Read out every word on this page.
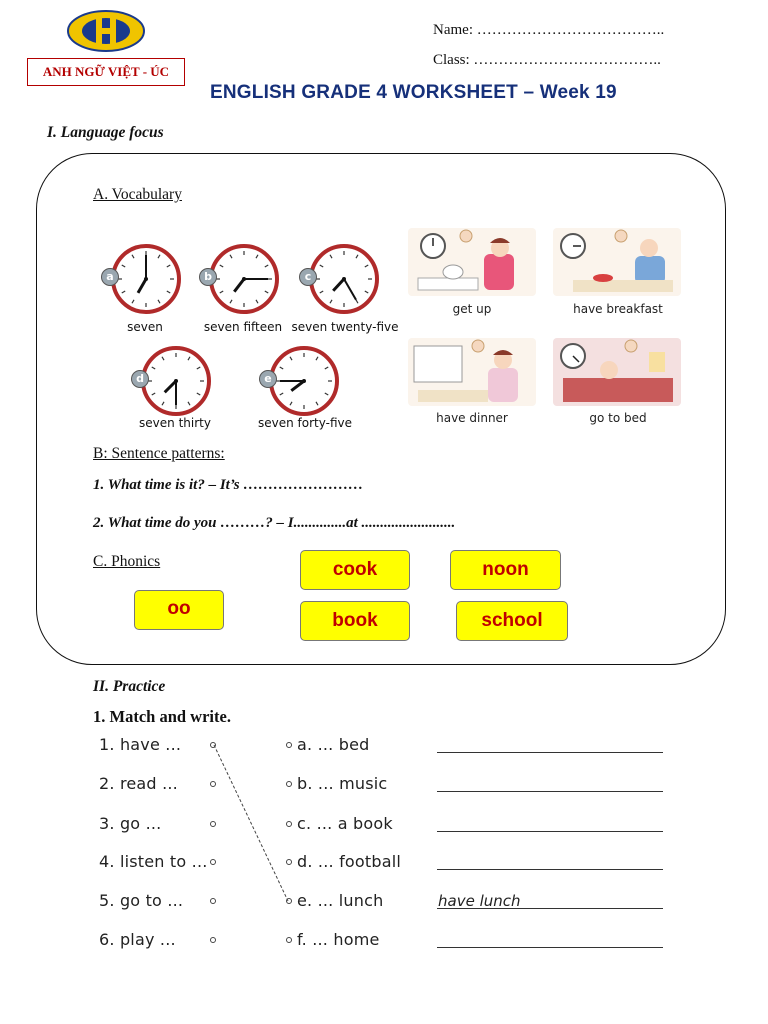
ANH NGỮ VIỆT - ÚC
Name: ………………………………..
Class: ………………………………..
ENGLISH GRADE 4 WORKSHEET – Week 19
I. Language focus
A. Vocabulary
a
seven
b
seven fifteen
c
seven twenty-five
d
seven thirty
e
seven forty-five
get up	have breakfast
have dinner	go to bed
B: Sentence patterns:
1. What time is it? – It’s ……………………
2. What time do you ………? – I..............at .........................
C. Phonics
oo
cook	noon
book	school
II. Practice
1. Match and write.
1. have ...	a. ... bed
2. read ...	b. ... music
3. go ...	c. ... a book
4. listen to ...	d. ... football
5. go to ...	e. ... lunch	have lunch
6. play ...	f. ... home
